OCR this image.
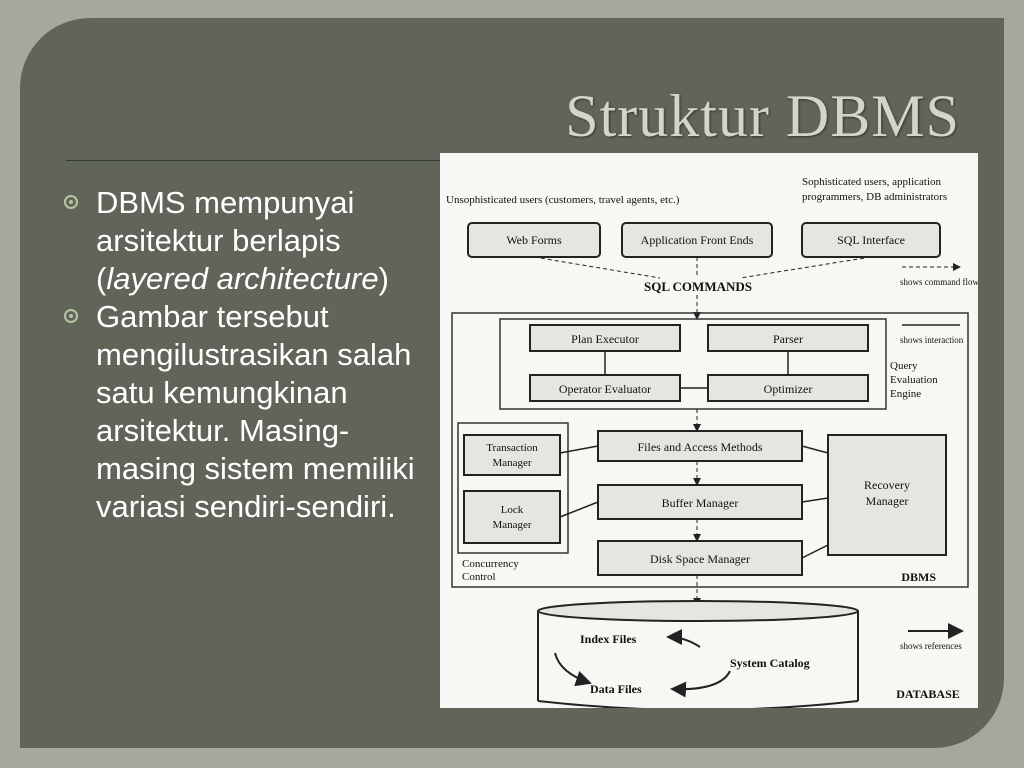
Struktur DBMS
DBMS mempunyai arsitektur berlapis (layered architecture)
Gambar tersebut mengilustrasikan salah satu kemungkinan arsitektur. Masing-masing sistem memiliki variasi sendiri-sendiri.
Unsophisticated users (customers, travel agents, etc.)
Sophisticated users, application
programmers, DB administrators
Web Forms	Application Front Ends	SQL Interface
shows command flow
SQL COMMANDS
DBMS
Plan Executor	Parser
Operator Evaluator	Optimizer
shows interaction
Query
Evaluation
Engine
Files and Access Methods
Buffer Manager
Disk Space Manager
Transaction
Manager
Lock
Manager
Concurrency
Control
Recovery
Manager
Index Files
System Catalog
Data Files
shows references
DATABASE
